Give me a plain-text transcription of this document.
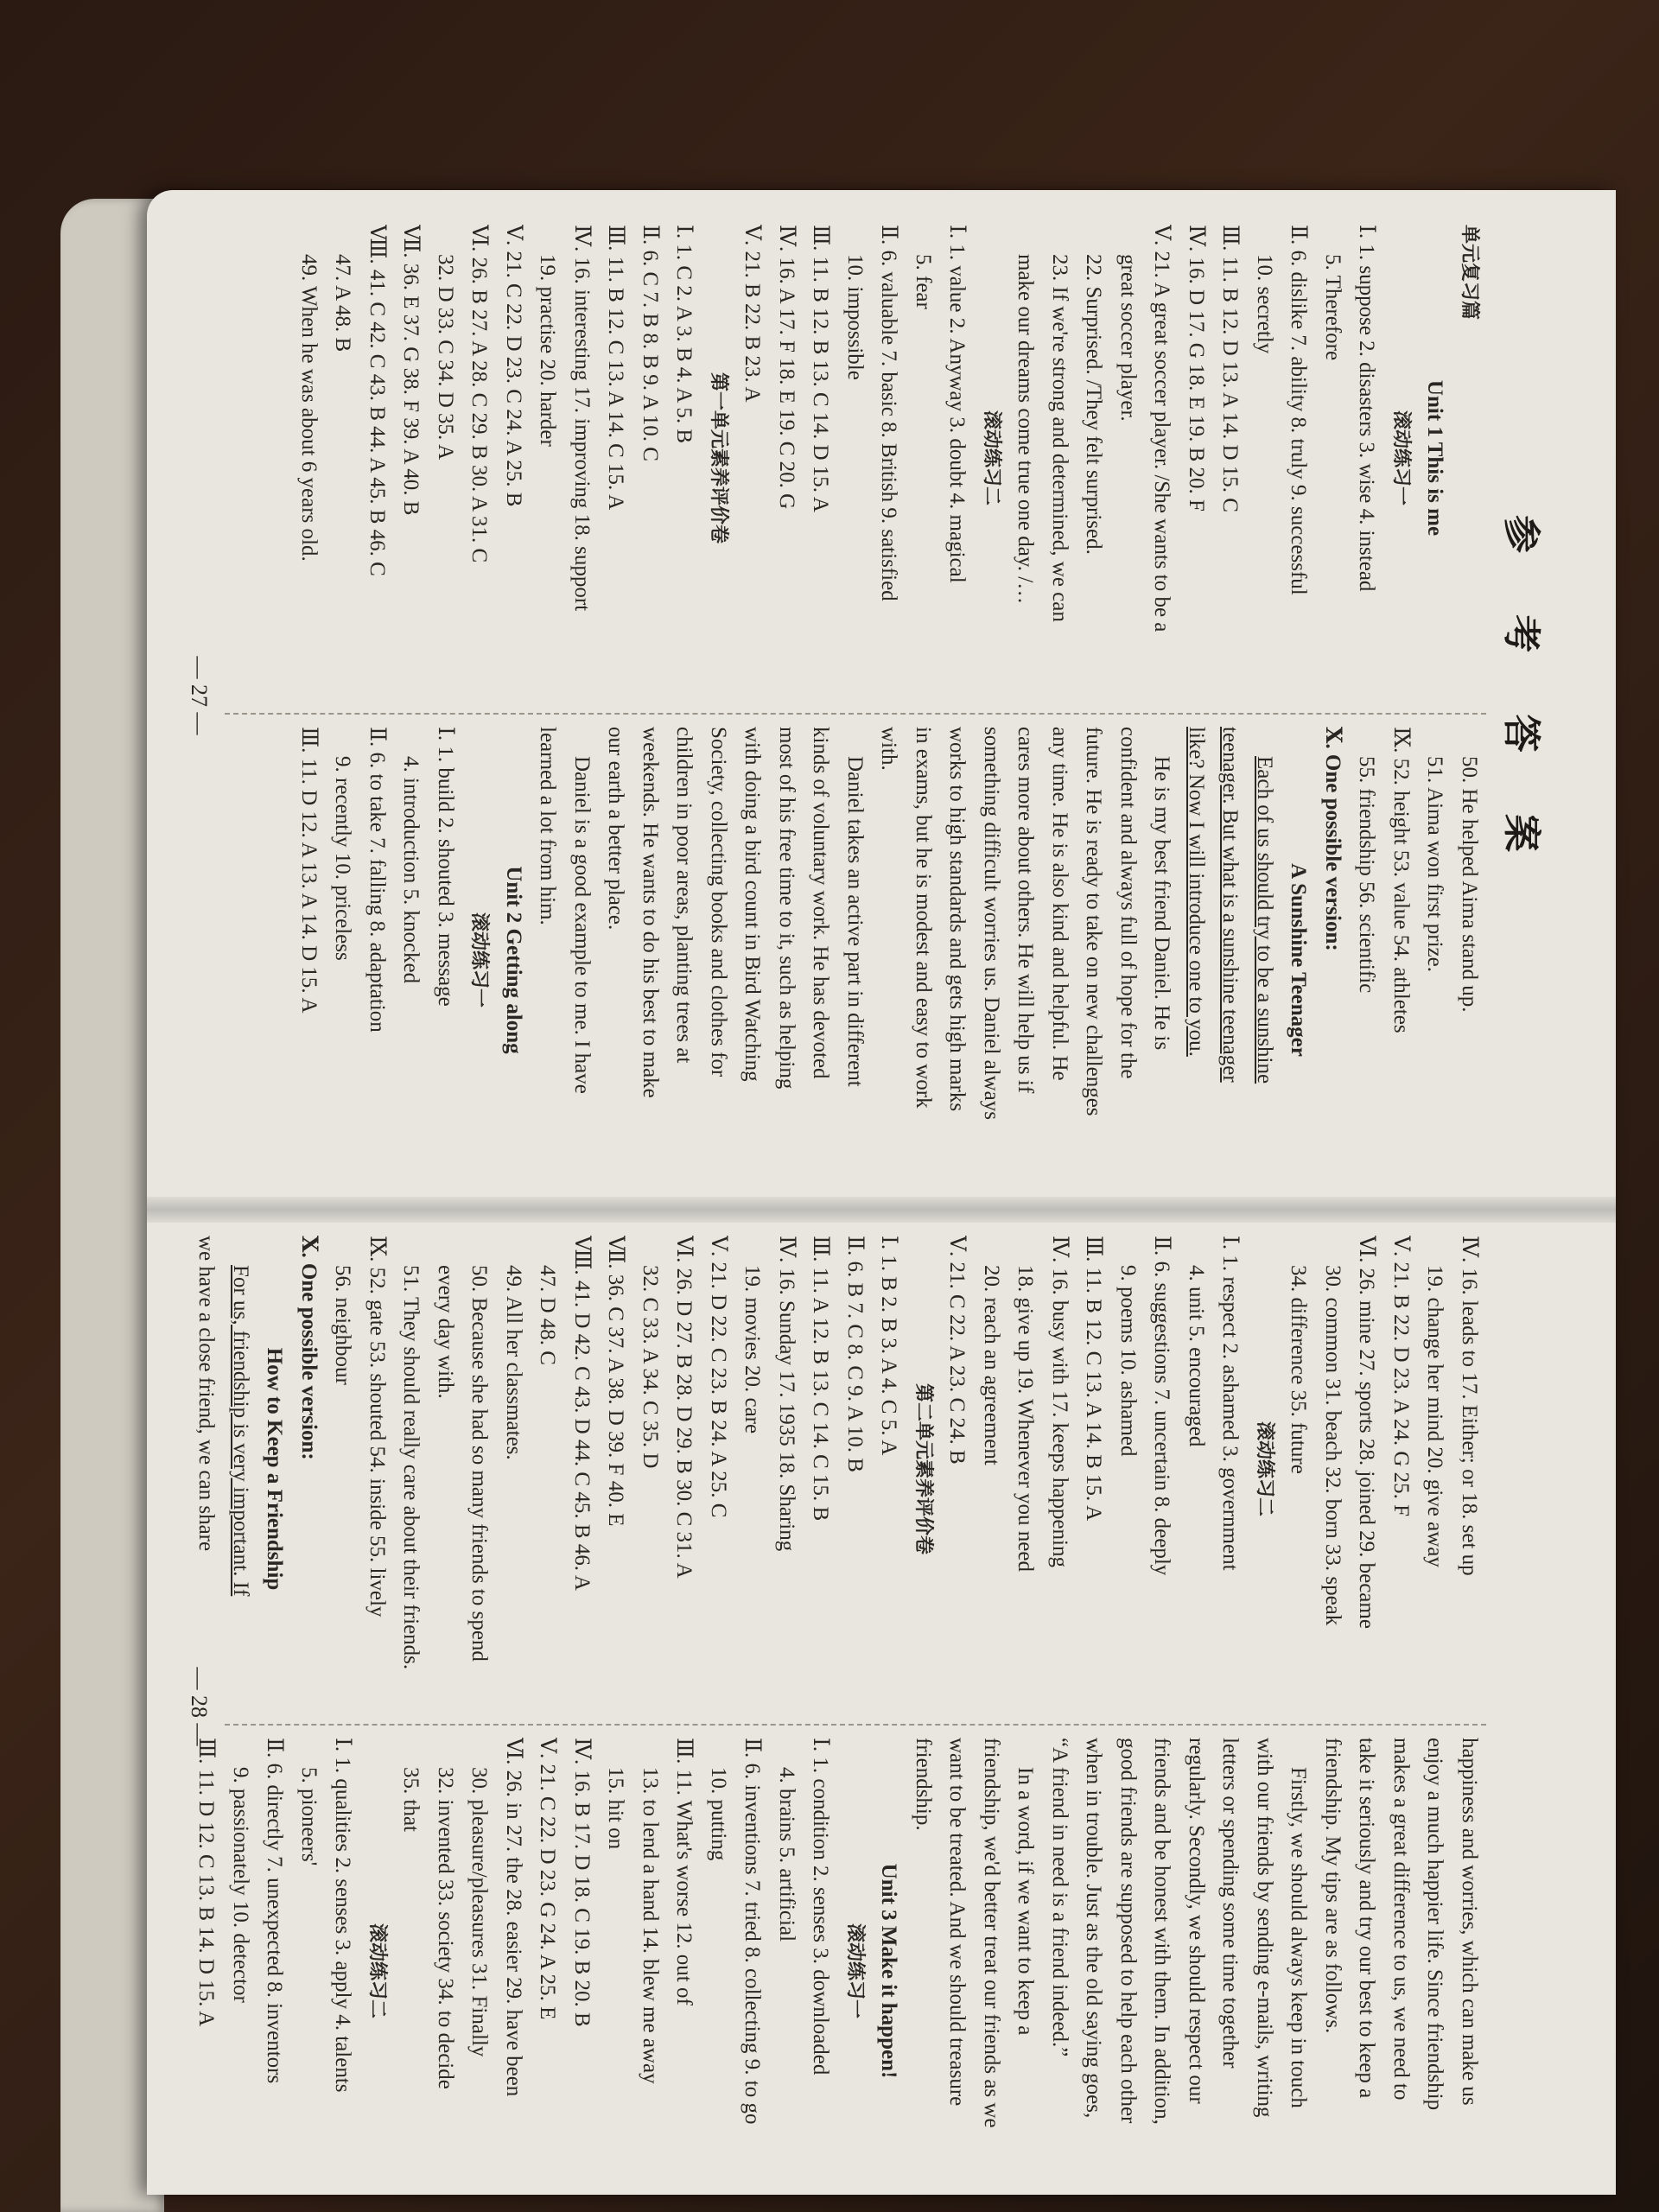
参 考 答 案
单元复习篇
Unit 1 This is me
滚动练习一
Ⅰ. 1. suppose 2. disasters 3. wise 4. instead
5. Therefore
Ⅱ. 6. dislike 7. ability 8. truly 9. successful
10. secretly
Ⅲ. 11. B 12. D 13. A 14. D 15. C
Ⅳ. 16. D 17. G 18. E 19. B 20. F
Ⅴ. 21. A great soccer player. /She wants to be a
great soccer player.
22. Surprised. /They felt surprised.
23. If we're strong and determined, we can
make our dreams come true one day. /…
滚动练习二
Ⅰ. 1. value 2. Anyway 3. doubt 4. magical
5. fear
Ⅱ. 6. valuable 7. basic 8. British 9. satisfied
10. impossible
Ⅲ. 11. B 12. B 13. C 14. D 15. A
Ⅳ. 16. A 17. F 18. E 19. C 20. G
Ⅴ. 21. B 22. B 23. A
第一单元素养评价卷
Ⅰ. 1. C 2. A 3. B 4. A 5. B
Ⅱ. 6. C 7. B 8. B 9. A 10. C
Ⅲ. 11. B 12. C 13. A 14. C 15. A
Ⅳ. 16. interesting 17. improving 18. support
19. practise 20. harder
Ⅴ. 21. C 22. D 23. C 24. A 25. B
Ⅵ. 26. B 27. A 28. C 29. B 30. A 31. C
32. D 33. C 34. D 35. A
Ⅶ. 36. E 37. G 38. F 39. A 40. B
Ⅷ. 41. C 42. C 43. B 44. A 45. B 46. C
47. A 48. B
49. When he was about 6 years old.
50. He helped Aima stand up.
51. Aima won first prize.
Ⅸ. 52. height 53. value 54. athletes
55. friendship 56. scientific
Ⅹ. One possible version:
A Sunshine Teenager
Each of us should try to be a sunshine
teenager. But what is a sunshine teenager
like? Now I will introduce one to you.
He is my best friend Daniel. He is
confident and always full of hope for the
future. He is ready to take on new challenges
any time. He is also kind and helpful. He
cares more about others. He will help us if
something difficult worries us. Daniel always
works to high standards and gets high marks
in exams, but he is modest and easy to work
with.
Daniel takes an active part in different
kinds of voluntary work. He has devoted
most of his free time to it, such as helping
with doing a bird count in Bird Watching
Society, collecting books and clothes for
children in poor areas, planting trees at
weekends. He wants to do his best to make
our earth a better place.
Daniel is a good example to me. I have
learned a lot from him.
Unit 2 Getting along
滚动练习一
Ⅰ. 1. build 2. shouted 3. message
4. introduction 5. knocked
Ⅱ. 6. to take 7. falling 8. adaptation
9. recently 10. priceless
Ⅲ. 11. D 12. A 13. A 14. D 15. A
— 27 —
Ⅳ. 16. leads to 17. Either; or 18. set up
19. change her mind 20. give away
Ⅴ. 21. B 22. D 23. A 24. G 25. F
Ⅵ. 26. mine 27. sports 28. joined 29. became
30. common 31. beach 32. born 33. speak
34. difference 35. future
滚动练习二
Ⅰ. 1. respect 2. ashamed 3. government
4. unit 5. encouraged
Ⅱ. 6. suggestions 7. uncertain 8. deeply
9. poems 10. ashamed
Ⅲ. 11. B 12. C 13. A 14. B 15. A
Ⅳ. 16. busy with 17. keeps happening
18. give up 19. Whenever you need
20. reach an agreement
Ⅴ. 21. C 22. A 23. C 24. B
第二单元素养评价卷
Ⅰ. 1. B 2. B 3. A 4. C 5. A
Ⅱ. 6. B 7. C 8. C 9. A 10. B
Ⅲ. 11. A 12. B 13. C 14. C 15. B
Ⅳ. 16. Sunday 17. 1935 18. Sharing
19. movies 20. care
Ⅴ. 21. D 22. C 23. B 24. A 25. C
Ⅵ. 26. D 27. B 28. D 29. B 30. C 31. A
32. C 33. A 34. C 35. D
Ⅶ. 36. C 37. A 38. D 39. F 40. E
Ⅷ. 41. D 42. C 43. D 44. C 45. B 46. A
47. D 48. C
49. All her classmates.
50. Because she had so many friends to spend
every day with.
51. They should really care about their friends.
Ⅸ. 52. gate 53. shouted 54. inside 55. lively
56. neighbour
Ⅹ. One possible version:
How to Keep a Friendship
For us, friendship is very important. If
we have a close friend, we can share
happiness and worries, which can make us
enjoy a much happier life. Since friendship
makes a great difference to us, we need to
take it seriously and try our best to keep a
friendship. My tips are as follows.
Firstly, we should always keep in touch
with our friends by sending e-mails, writing
letters or spending some time together
regularly. Secondly, we should respect our
friends and be honest with them. In addition,
good friends are supposed to help each other
when in trouble. Just as the old saying goes,
“A friend in need is a friend indeed.”
In a word, if we want to keep a
friendship, we'd better treat our friends as we
want to be treated. And we should treasure
friendship.
Unit 3 Make it happen!
滚动练习一
Ⅰ. 1. condition 2. senses 3. downloaded
4. brains 5. artificial
Ⅱ. 6. inventions 7. tried 8. collecting 9. to go
10. putting
Ⅲ. 11. What's worse 12. out of
13. to lend a hand 14. blew me away
15. hit on
Ⅳ. 16. B 17. D 18. C 19. B 20. B
Ⅴ. 21. C 22. D 23. G 24. A 25. E
Ⅵ. 26. in 27. the 28. easier 29. have been
30. pleasure/pleasures 31. Finally
32. invented 33. society 34. to decide
35. that
滚动练习二
Ⅰ. 1. qualities 2. senses 3. apply 4. talents
5. pioneers'
Ⅱ. 6. directly 7. unexpected 8. inventors
9. passionately 10. detector
Ⅲ. 11. D 12. C 13. B 14. D 15. A
— 28 —
